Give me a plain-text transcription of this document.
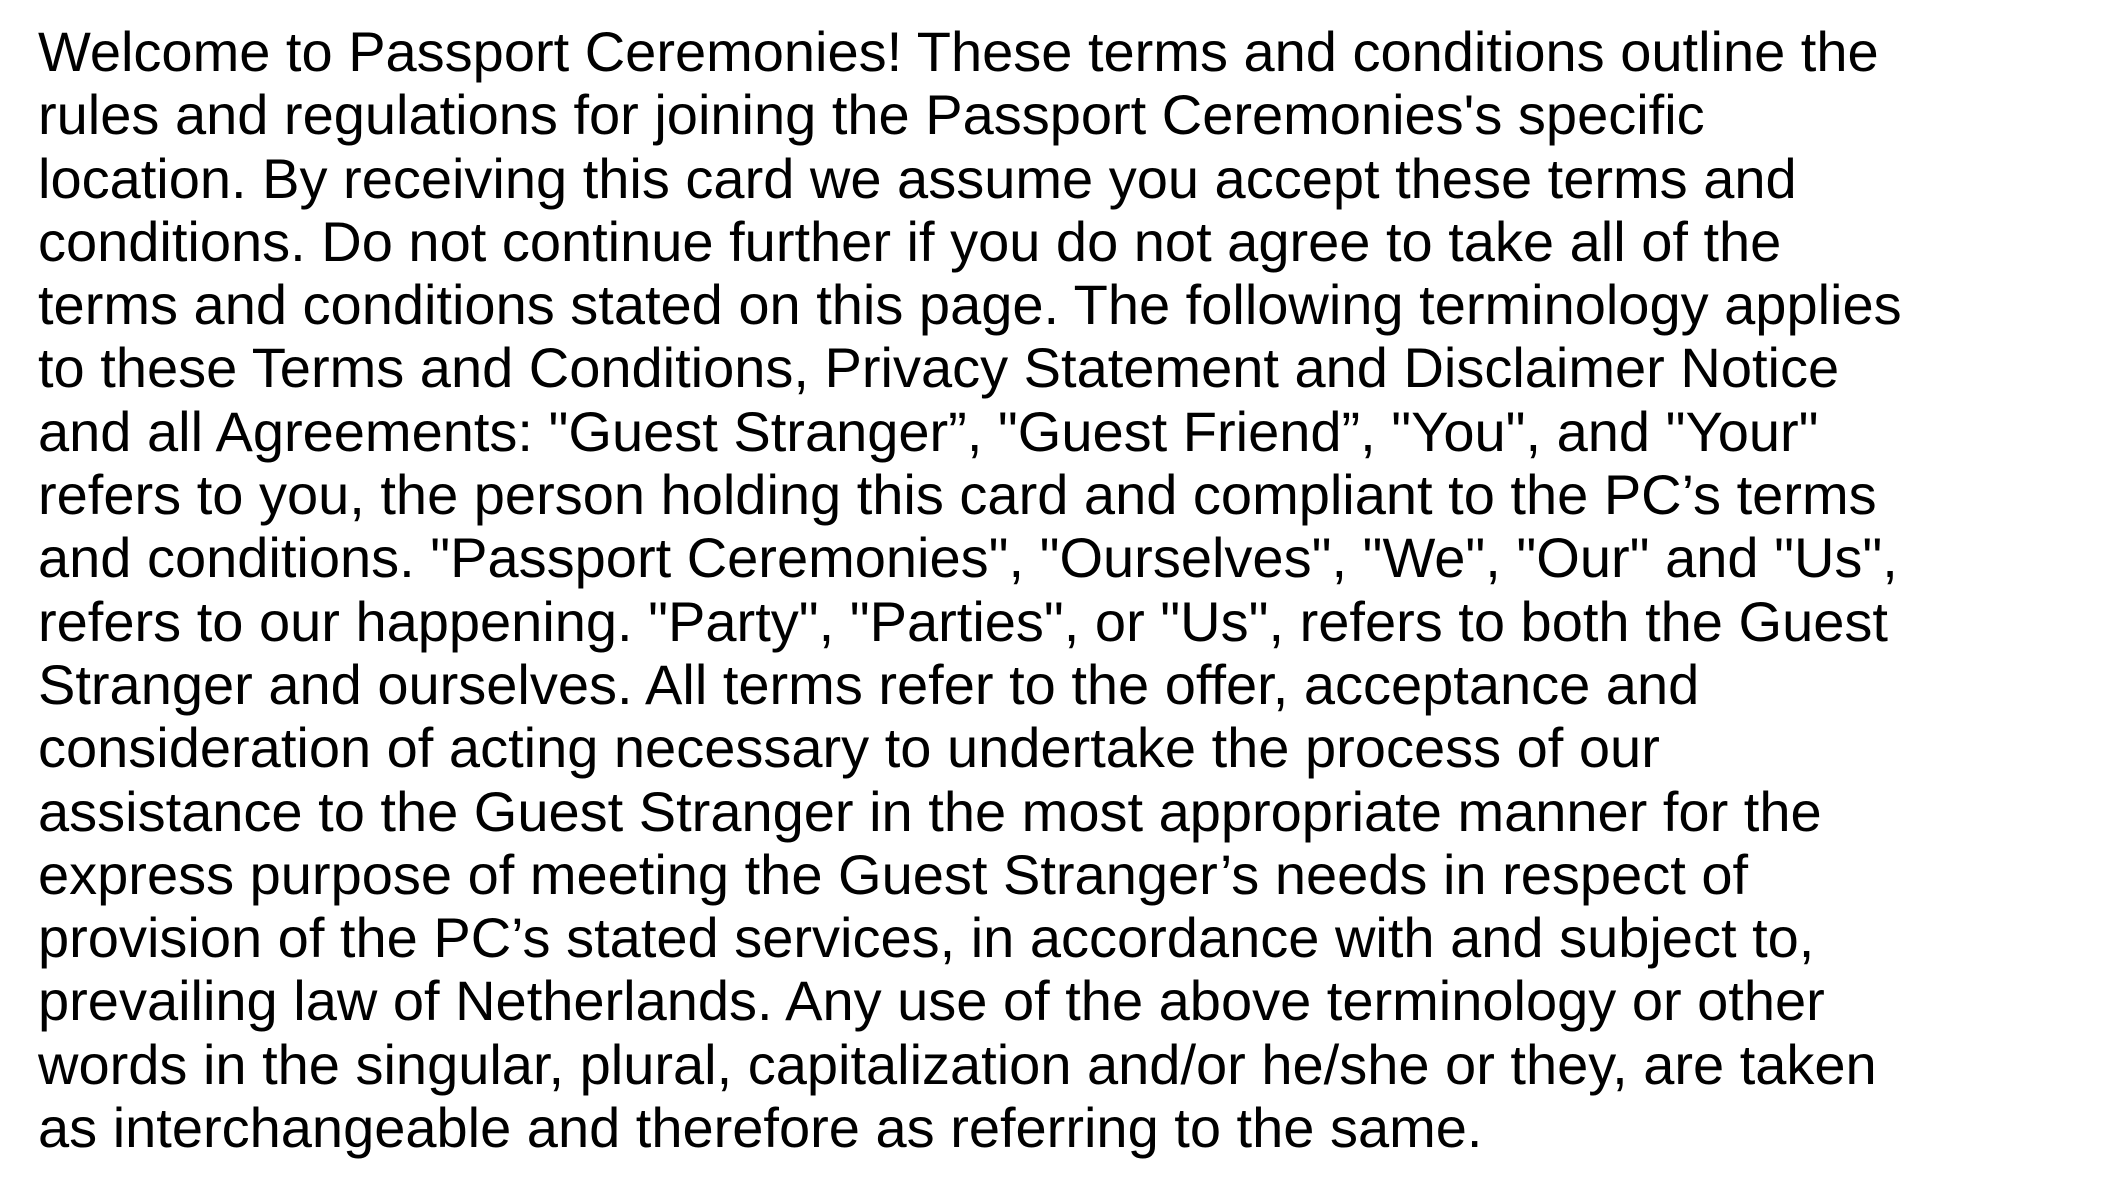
Welcome to Passport Ceremonies! These terms and conditions outline the
rules and regulations for joining the Passport Ceremonies's specific
location. By receiving this card we assume you accept these terms and
conditions. Do not continue further if you do not agree to take all of the
terms and conditions stated on this page. The following terminology applies
to these Terms and Conditions, Privacy Statement and Disclaimer Notice
and all Agreements: "Guest Stranger”, "Guest Friend”, "You", and "Your"
refers to you, the person holding this card and compliant to the PC’s terms
and conditions. "Passport Ceremonies", "Ourselves", "We", "Our" and "Us",
refers to our happening. "Party", "Parties", or "Us", refers to both the Guest
Stranger and ourselves. All terms refer to the offer, acceptance and
consideration of acting necessary to undertake the process of our
assistance to the Guest Stranger in the most appropriate manner for the
express purpose of meeting the Guest Stranger’s needs in respect of
provision of the PC’s stated services, in accordance with and subject to,
prevailing law of Netherlands. Any use of the above terminology or other
words in the singular, plural, capitalization and/or he/she or they, are taken
as interchangeable and therefore as referring to the same.
